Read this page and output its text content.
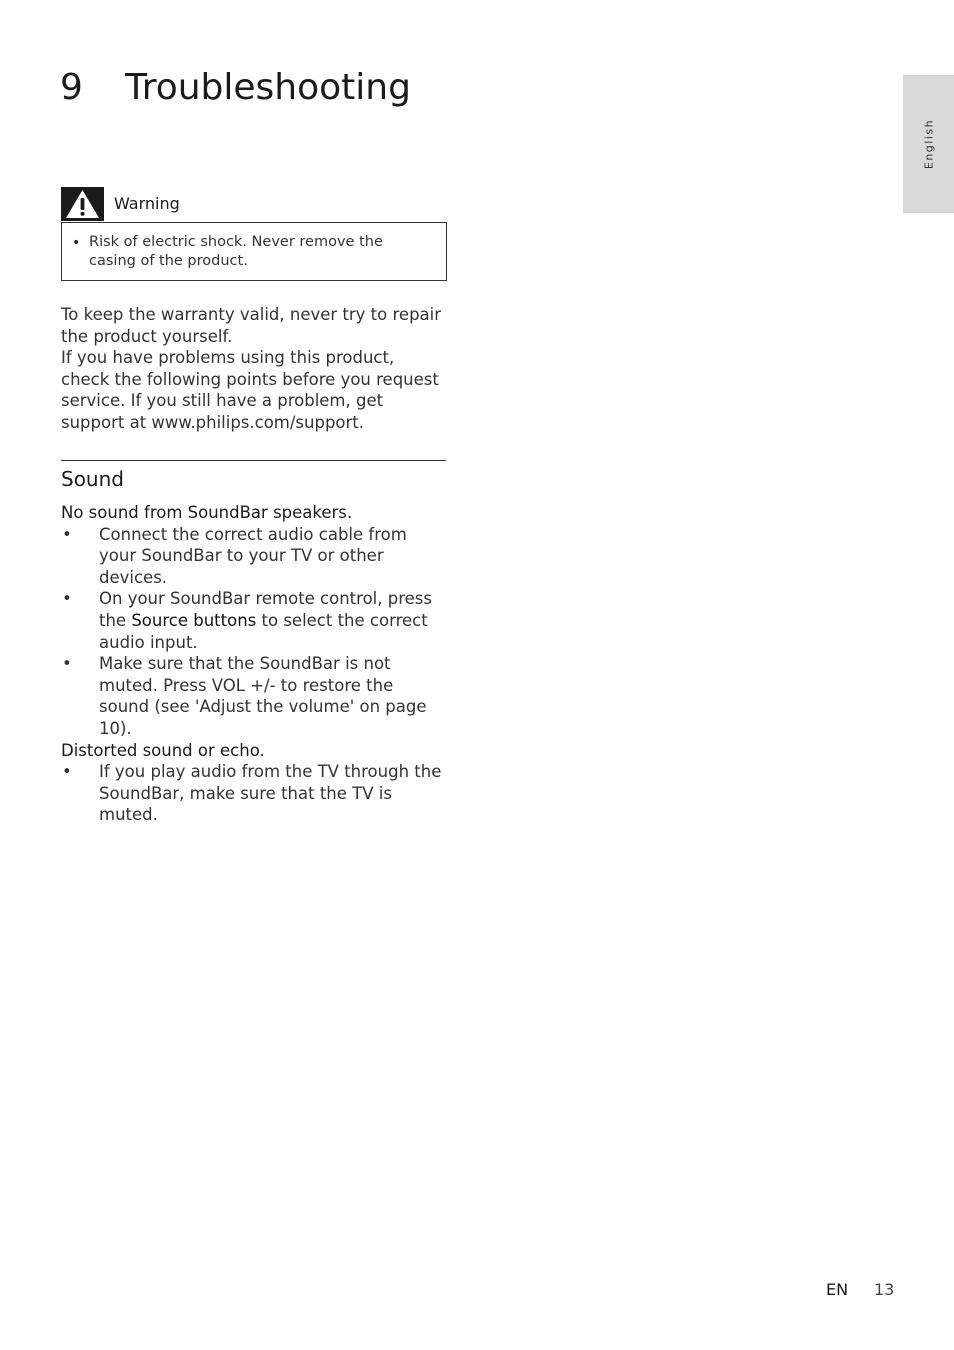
9 Troubleshooting
English
Warning
• Risk of electric shock. Never remove the casing of the product.

To keep the warranty valid, never try to repair the product yourself.

If you have problems using this product, check the following points before you request service. If you still have a problem, get support at www.philips.com/support.

Sound

No sound from SoundBar speakers.

• Connect the correct audio cable from your SoundBar to your TV or other devices.
• On your SoundBar remote control, press the Source buttons to select the correct audio input.
• Make sure that the SoundBar is not muted. Press VOL +/- to restore the sound (see 'Adjust the volume' on page 10).

Distorted sound or echo.

• If you play audio from the TV through the SoundBar, make sure that the TV is muted.
EN 13
